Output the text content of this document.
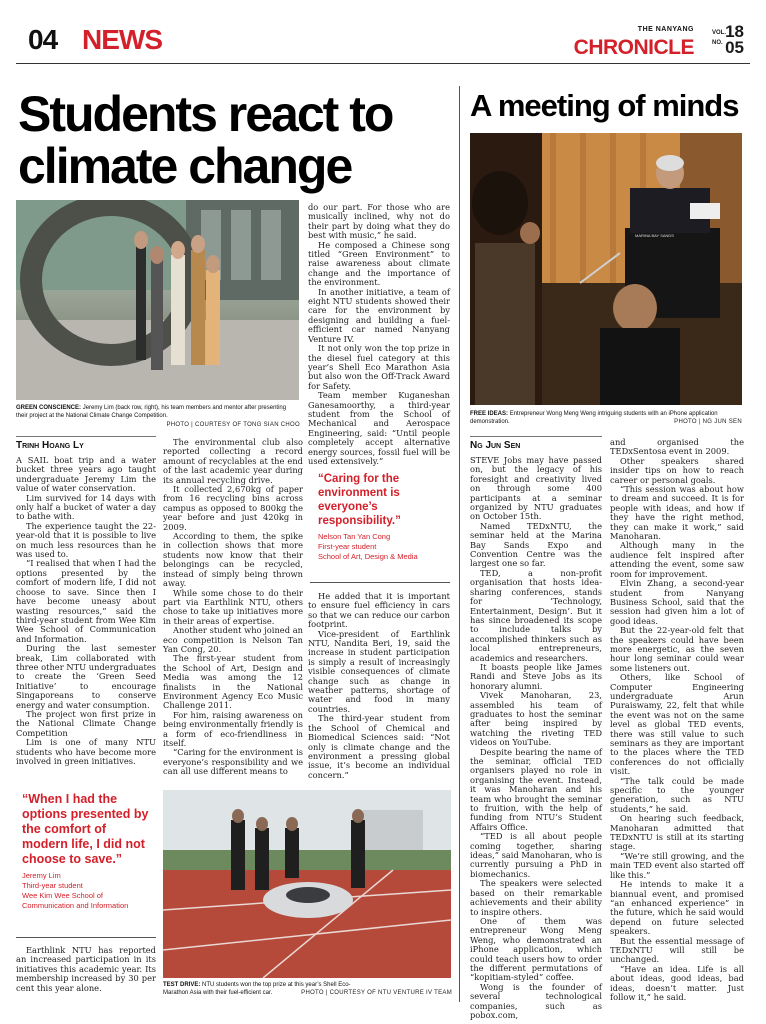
04 NEWS	THE NANYANG
CHRONICLE
VOL.
NO.
18
05
Students react to climate change
A meeting of minds
GREEN CONSCIENCE: Jeremy Lim (back row, right), his team members and mentor after presenting their project at the National Climate Change Competition.
PHOTO | COURTESY OF TONG SIAN CHOO
Trinh Hoang Ly

A SAIL boat trip and a water bucket three years ago taught undergraduate Jeremy Lim the value of water conservation.

Lim survived for 14 days with only half a bucket of water a day to bathe with.

The experience taught the 22-year-old that it is possible to live on much less resources than he was used to.

“I realised that when I had the options presented by the comfort of modern life, I did not choose to save. Since then I have become uneasy about wasting resources,” said the third-year student from Wee Kim Wee School of Communication and Information.

During the last semester break, Lim collaborated with three other NTU undergraduates to create the ‘Green Seed Initiative’ to encourage Singaporeans to conserve energy and water consumption.

The project won first prize in the National Climate Change Competition

Lim is one of many NTU students who have become more involved in green initiatives.

“When I had the options presented by the comfort of modern life, I did not choose to save.”
Jeremy Lim
Third-year student
Wee Kim Wee School of Communication and Information

Earthlink NTU has reported an increased participation in its initiatives this academic year. Its membership increased by 30 per cent this year alone.

The environmental club also reported collecting a record amount of recyclables at the end of the last academic year during its annual recycling drive.

It collected 2,670kg of paper from 16 recycling bins across campus as opposed to 800kg the year before and just 420kg in 2009.

According to them, the spike in collection shows that more students now know that their belongings can be recycled, instead of simply being thrown away.

While some chose to do their part via Earthlink NTU, others chose to take up initiatives more in their areas of expertise.

Another student who joined an eco competition is Nelson Tan Yan Cong, 20.

The first-year student from the School of Art, Design and Media was among the 12 finalists in the National Environment Agency Eco Music Challenge 2011.

For him, raising awareness on being environmentally friendly is a form of eco-friendliness in itself.

“Caring for the environment is everyone’s responsibility and we can all use different means to

do our part. For those who are musically inclined, why not do their part by doing what they do best with music,” he said.

He composed a Chinese song titled “Green Environment” to raise awareness about climate change and the importance of the environment.

In another initiative, a team of eight NTU students showed their care for the environment by designing and building a fuel-efficient car named Nanyang Venture IV.

It not only won the top prize in the diesel fuel category at this year’s Shell Eco Marathon Asia but also won the Off-Track Award for Safety.

Team member Kuganeshan Ganesamoorthy, a third-year student from the School of Mechanical and Aerospace Engineering, said: “Until people completely accept alternative energy sources, fossil fuel will be used extensively.”

“Caring for the environment is everyone’s responsibility.”
Nelson Tan Yan Cong
First-year student
School of Art, Design & Media

He added that it is important to ensure fuel efficiency in cars so that we can reduce our carbon footprint.

Vice-president of Earthlink NTU, Nandita Beri, 19, said the increase in student participation is simply a result of increasingly visible consequences of climate change such as change in weather patterns, shortage of water and food in many countries.

The third-year student from the School of Chemical and Biomedical Sciences said: “Not only is climate change and the environment a pressing global issue, it’s become an individual concern.”

TEST DRIVE: NTU students won the top prize at this year’s Shell Eco-Marathon Asia with their fuel-efficient car.	PHOTO | COURTESY OF NTU VENTURE IV TEAM
MARINA BAY SANDS
FREE IDEAS: Entrepreneur Wong Meng Weng intriguing students with an iPhone application demonstration.	PHOTO | NG JUN SEN
Ng Jun Sen

STEVE Jobs may have passed on, but the legacy of his foresight and creativity lived on through some 400 participants at a seminar organized by NTU graduates on October 15th.

Named TEDxNTU, the seminar held at the Marina Bay Sands Expo and Convention Centre was the largest one so far.

TED, a non-profit organisation that hosts idea-sharing conferences, stands for ‘Technology, Entertainment, Design’. But it has since broadened its scope to include talks by accomplished thinkers such as local entrepreneurs, academics and researchers.

It boasts people like James Randi and Steve Jobs as its honorary alumni.

Vivek Manoharan, 23, assembled his team of graduates to host the seminar after being inspired by watching the riveting TED videos on YouTube.

Despite bearing the name of the seminar, official TED organisers played no role in organising the event. Instead, it was Manoharan and his team who brought the seminar to fruition, with the help of funding from NTU’s Student Affairs Office.

“TED is all about people coming together, sharing ideas,” said Manoharan, who is currently pursuing a PhD in biomechanics.

The speakers were selected based on their remarkable achievements and their ability to inspire others.

One of them was entrepreneur Wong Meng Weng, who demonstrated an iPhone application, which could teach users how to order the different permutations of “kopitiam-styled” coffee.

Wong is the founder of several technological companies, such as pobox.com,

and organised the TEDxSentosa event in 2009.

Other speakers shared insider tips on how to reach career or personal goals.

“This session was about how to dream and succeed. It is for people with ideas, and how if they have the right method, they can make it work,” said Manoharan.

Although many in the audience felt inspired after attending the event, some saw room for improvement.

Elvin Zhang, a second-year student from Nanyang Business School, said that the session had given him a lot of good ideas.

But the 22-year-old felt that the speakers could have been more energetic, as the seven hour long seminar could wear some listeners out.

Others, like School of Computer Engineering undergraduate Arun Puraiswamy, 22, felt that while the event was not on the same level as global TED events, there was still value to such seminars as they are important to the places where the TED conferences do not officially visit.

“The talk could be made specific to the younger generation, such as NTU students,” he said.

On hearing such feedback, Manoharan admitted that TEDxNTU is still at its starting stage.

“We’re still growing, and the main TED event also started off like this.”

He intends to make it a biannual event, and promised “an enhanced experience” in the future, which he said would depend on future selected speakers.

But the essential message of TEDxNTU will still be unchanged.

“Have an idea. Life is all about ideas, good ideas, bad ideas, doesn’t matter. Just follow it,” he said.
